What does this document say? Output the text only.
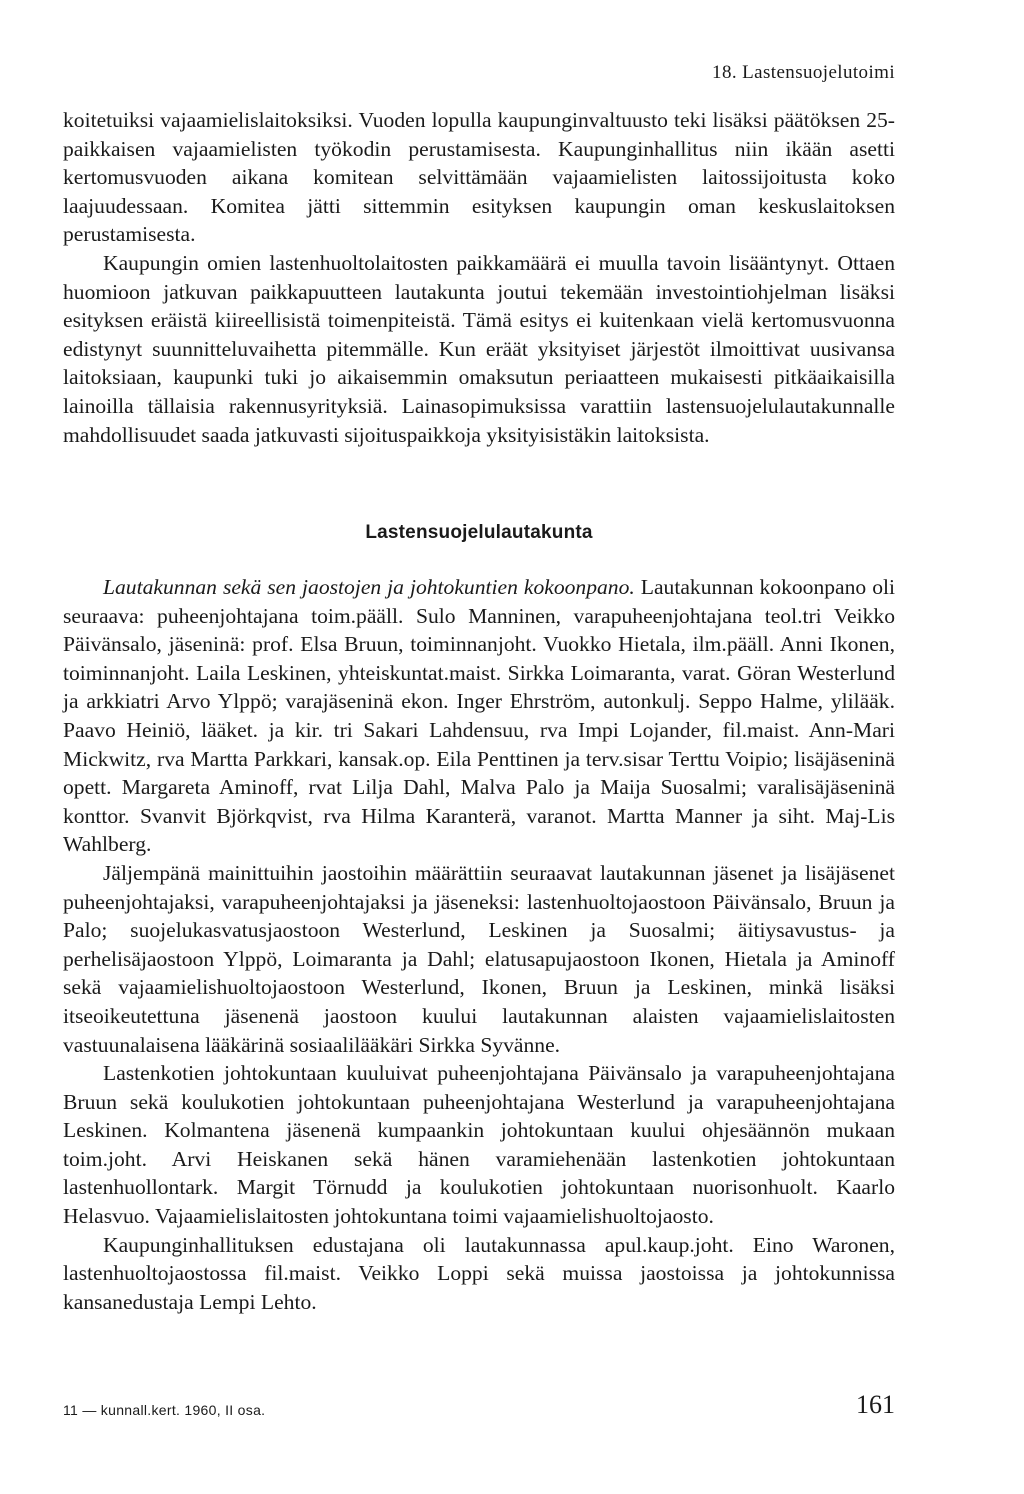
18. Lastensuojelutoimi

koitetuiksi vajaamielislaitoksiksi. Vuoden lopulla kaupunginvaltuusto teki lisäksi päätöksen 25-paikkaisen vajaamielisten työkodin perustamisesta. Kaupunginhallitus niin ikään asetti kertomusvuoden aikana komitean selvittämään vajaamielisten laitossijoitusta koko laajuudessaan. Komitea jätti sittemmin esityksen kaupungin oman keskuslaitoksen perustamisesta.

Kaupungin omien lastenhuoltolaitosten paikkamäärä ei muulla tavoin lisääntynyt. Ottaen huomioon jatkuvan paikkapuutteen lautakunta joutui tekemään investointiohjelman lisäksi esityksen eräistä kiireellisistä toimenpiteistä. Tämä esitys ei kuitenkaan vielä kertomusvuonna edistynyt suunnitteluvaihetta pitemmälle. Kun eräät yksityiset järjestöt ilmoittivat uusivansa laitoksiaan, kaupunki tuki jo aikaisemmin omaksutun periaatteen mukaisesti pitkäaikaisilla lainoilla tällaisia rakennusyrityksiä. Lainasopimuksissa varattiin lastensuojelulautakunnalle mahdollisuudet saada jatkuvasti sijoituspaikkoja yksityisistäkin laitoksista.

Lastensuojelulautakunta

Lautakunnan sekä sen jaostojen ja johtokuntien kokoonpano. Lautakunnan kokoonpano oli seuraava: puheenjohtajana toim.pääll. Sulo Manninen, varapuheenjohtajana teol.tri Veikko Päivänsalo, jäseninä: prof. Elsa Bruun, toiminnanjoht. Vuokko Hietala, ilm.pääll. Anni Ikonen, toiminnanjoht. Laila Leskinen, yhteiskuntat.maist. Sirkka Loimaranta, varat. Göran Westerlund ja arkkiatri Arvo Ylppö; varajäseninä ekon. Inger Ehrström, autonkulj. Seppo Halme, ylilääk. Paavo Heiniö, lääket. ja kir. tri Sakari Lahdensuu, rva Impi Lojander, fil.maist. Ann-Mari Mickwitz, rva Martta Parkkari, kansak.op. Eila Penttinen ja terv.sisar Terttu Voipio; lisäjäseninä opett. Margareta Aminoff, rvat Lilja Dahl, Malva Palo ja Maija Suosalmi; varalisäjäseninä konttor. Svanvit Björkqvist, rva Hilma Karanterä, varanot. Martta Manner ja siht. Maj-Lis Wahlberg.

Jäljempänä mainittuihin jaostoihin määrättiin seuraavat lautakunnan jäsenet ja lisäjäsenet puheenjohtajaksi, varapuheenjohtajaksi ja jäseneksi: lastenhuoltojaostoon Päivänsalo, Bruun ja Palo; suojelukasvatusjaostoon Westerlund, Leskinen ja Suosalmi; äitiysavustus- ja perhelisäjaostoon Ylppö, Loimaranta ja Dahl; elatusapujaostoon Ikonen, Hietala ja Aminoff sekä vajaamielishuoltojaostoon Westerlund, Ikonen, Bruun ja Leskinen, minkä lisäksi itseoikeutettuna jäsenenä jaostoon kuului lautakunnan alaisten vajaamielislaitosten vastuunalaisena lääkärinä sosiaalilääkäri Sirkka Syvänne.

Lastenkotien johtokuntaan kuuluivat puheenjohtajana Päivänsalo ja varapuheenjohtajana Bruun sekä koulukotien johtokuntaan puheenjohtajana Westerlund ja varapuheenjohtajana Leskinen. Kolmantena jäsenenä kumpaankin johtokuntaan kuului ohjesäännön mukaan toim.joht. Arvi Heiskanen sekä hänen varamiehenään lastenkotien johtokuntaan lastenhuollontark. Margit Törnudd ja koulukotien johtokuntaan nuorisonhuolt. Kaarlo Helasvuo. Vajaamielislaitosten johtokuntana toimi vajaamielishuoltojaosto.

Kaupunginhallituksen edustajana oli lautakunnassa apul.kaup.joht. Eino Waronen, lastenhuoltojaostossa fil.maist. Veikko Loppi sekä muissa jaostoissa ja johtokunnissa kansanedustaja Lempi Lehto.

11 — kunnall.kert. 1960, II osa.	161
